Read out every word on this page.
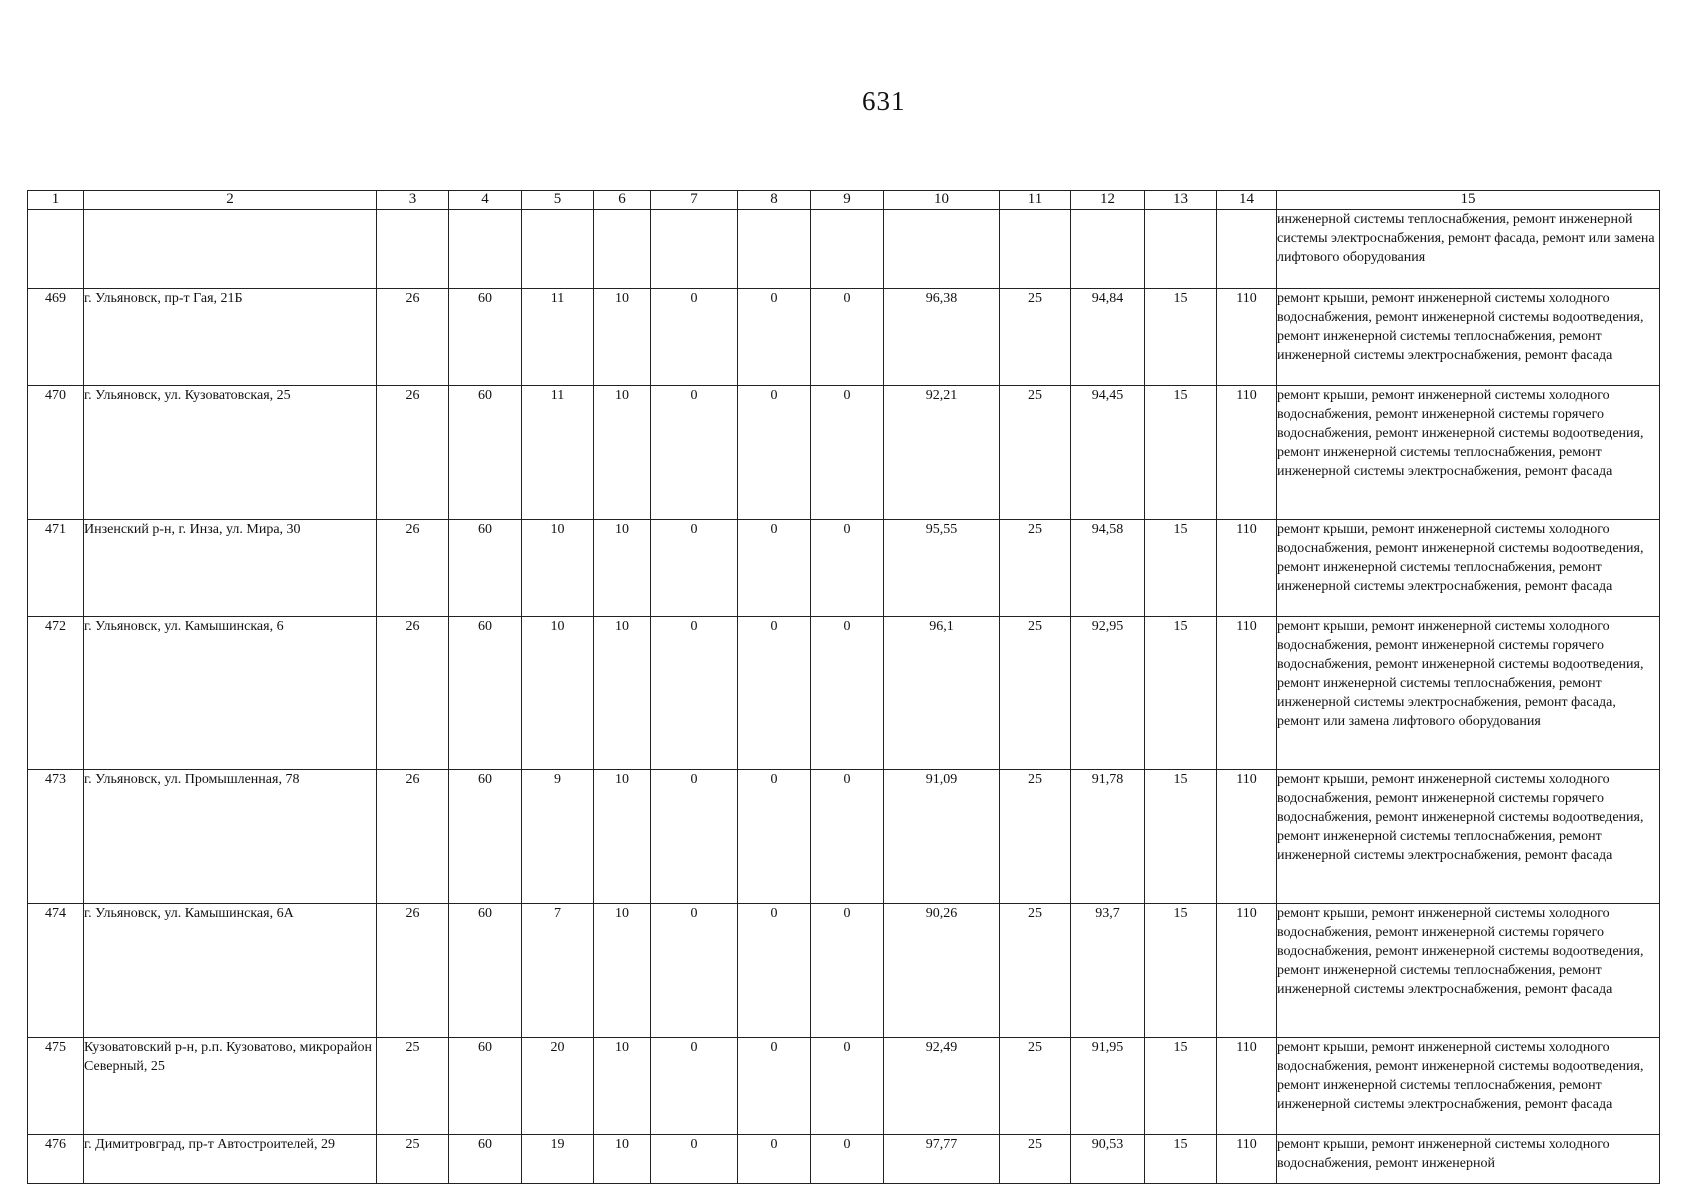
631
1	2	3	4	5	6	7	8	9	10	11	12	13	14	15
														инженерной системы теплоснабжения, ремонт инженерной системы электроснабжения, ремонт фасада, ремонт или замена лифтового оборудования
469	г. Ульяновск, пр-т Гая, 21Б	26	60	11	10	0	0	0	96,38	25	94,84	15	110	ремонт крыши, ремонт инженерной системы холодного водоснабжения, ремонт инженерной системы водоотведения, ремонт инженерной системы теплоснабжения, ремонт инженерной системы электроснабжения, ремонт фасада
470	г. Ульяновск, ул. Кузоватовская, 25	26	60	11	10	0	0	0	92,21	25	94,45	15	110	ремонт крыши, ремонт инженерной системы холодного водоснабжения, ремонт инженерной системы горячего водоснабжения, ремонт инженерной системы водоотведения, ремонт инженерной системы теплоснабжения, ремонт инженерной системы электроснабжения, ремонт фасада
471	Инзенский р-н, г. Инза, ул. Мира, 30	26	60	10	10	0	0	0	95,55	25	94,58	15	110	ремонт крыши, ремонт инженерной системы холодного водоснабжения, ремонт инженерной системы водоотведения, ремонт инженерной системы теплоснабжения, ремонт инженерной системы электроснабжения, ремонт фасада
472	г. Ульяновск, ул. Камышинская, 6	26	60	10	10	0	0	0	96,1	25	92,95	15	110	ремонт крыши, ремонт инженерной системы холодного водоснабжения, ремонт инженерной системы горячего водоснабжения, ремонт инженерной системы водоотведения, ремонт инженерной системы теплоснабжения, ремонт инженерной системы электроснабжения, ремонт фасада, ремонт или замена лифтового оборудования
473	г. Ульяновск, ул. Промышленная, 78	26	60	9	10	0	0	0	91,09	25	91,78	15	110	ремонт крыши, ремонт инженерной системы холодного водоснабжения, ремонт инженерной системы горячего водоснабжения, ремонт инженерной системы водоотведения, ремонт инженерной системы теплоснабжения, ремонт инженерной системы электроснабжения, ремонт фасада
474	г. Ульяновск, ул. Камышинская, 6А	26	60	7	10	0	0	0	90,26	25	93,7	15	110	ремонт крыши, ремонт инженерной системы холодного водоснабжения, ремонт инженерной системы горячего водоснабжения, ремонт инженерной системы водоотведения, ремонт инженерной системы теплоснабжения, ремонт инженерной системы электроснабжения, ремонт фасада
475	Кузоватовский р-н, р.п. Кузоватово, микрорайон Северный, 25	25	60	20	10	0	0	0	92,49	25	91,95	15	110	ремонт крыши, ремонт инженерной системы холодного водоснабжения, ремонт инженерной системы водоотведения, ремонт инженерной системы теплоснабжения, ремонт инженерной системы электроснабжения, ремонт фасада
476	г. Димитровград, пр-т Автостроителей, 29	25	60	19	10	0	0	0	97,77	25	90,53	15	110	ремонт крыши, ремонт инженерной системы холодного водоснабжения, ремонт инженерной
